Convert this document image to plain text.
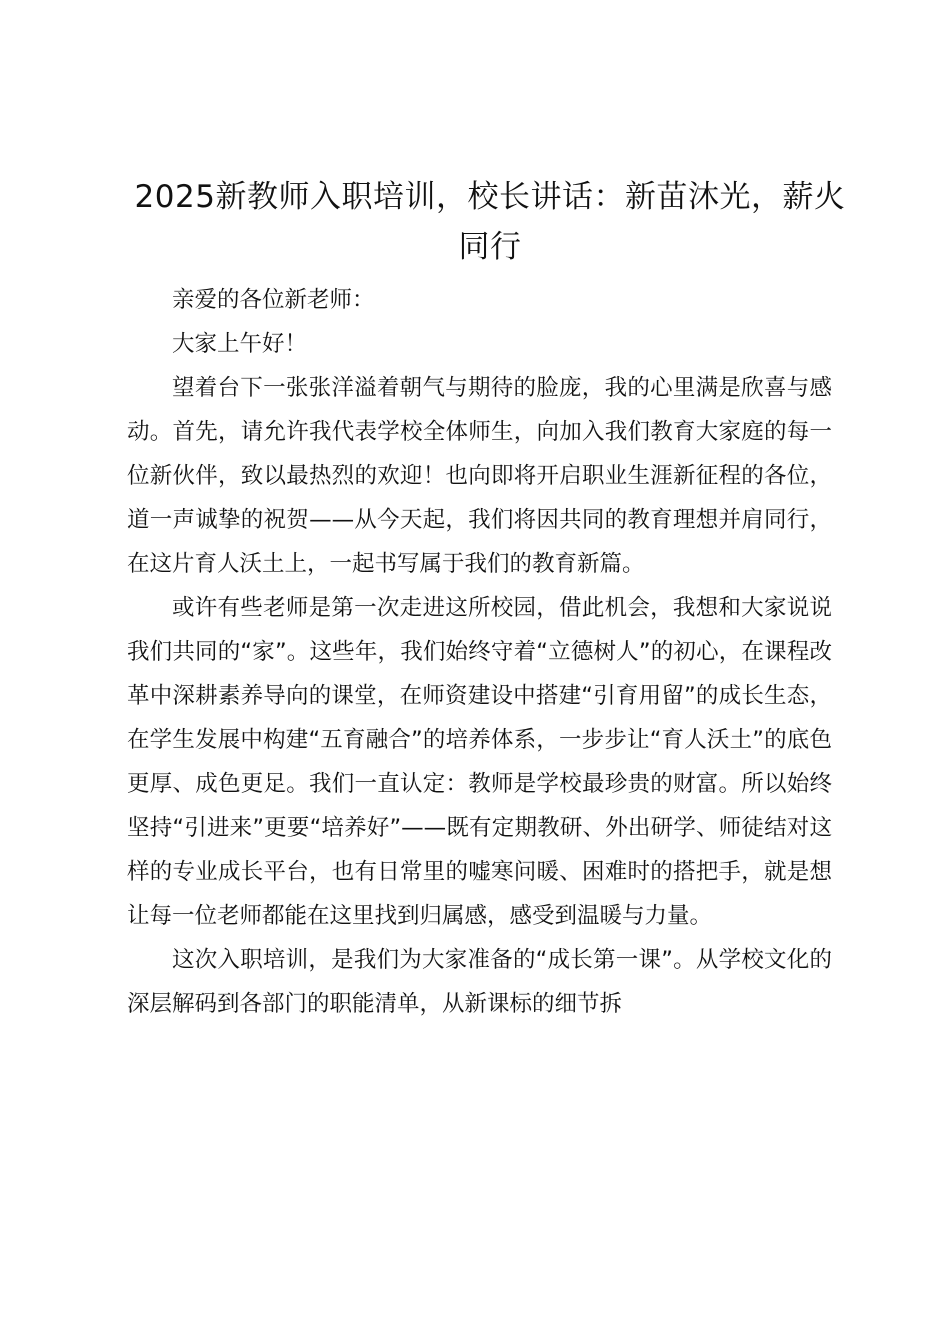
2025新教师入职培训，校长讲话：新苗沐光，薪火同行

亲爱的各位新老师：

大家上午好！

望着台下一张张洋溢着朝气与期待的脸庞，我的心里满是欣喜与感动。首先，请允许我代表学校全体师生，向加入我们教育大家庭的每一位新伙伴，致以最热烈的欢迎！也向即将开启职业生涯新征程的各位，道一声诚挚的祝贺——从今天起，我们将因共同的教育理想并肩同行，在这片育人沃土上，一起书写属于我们的教育新篇。

或许有些老师是第一次走进这所校园，借此机会，我想和大家说说我们共同的“家”。这些年，我们始终守着“立德树人”的初心，在课程改革中深耕素养导向的课堂，在师资建设中搭建“引育用留”的成长生态，在学生发展中构建“五育融合”的培养体系，一步步让“育人沃土”的底色更厚、成色更足。我们一直认定：教师是学校最珍贵的财富。所以始终坚持“引进来”更要“培养好”——既有定期教研、外出研学、师徒结对这样的专业成长平台，也有日常里的嘘寒问暖、困难时的搭把手，就是想让每一位老师都能在这里找到归属感，感受到温暖与力量。

这次入职培训，是我们为大家准备的“成长第一课”。从学校文化的深层解码到各部门的职能清单，从新课标的细节拆
